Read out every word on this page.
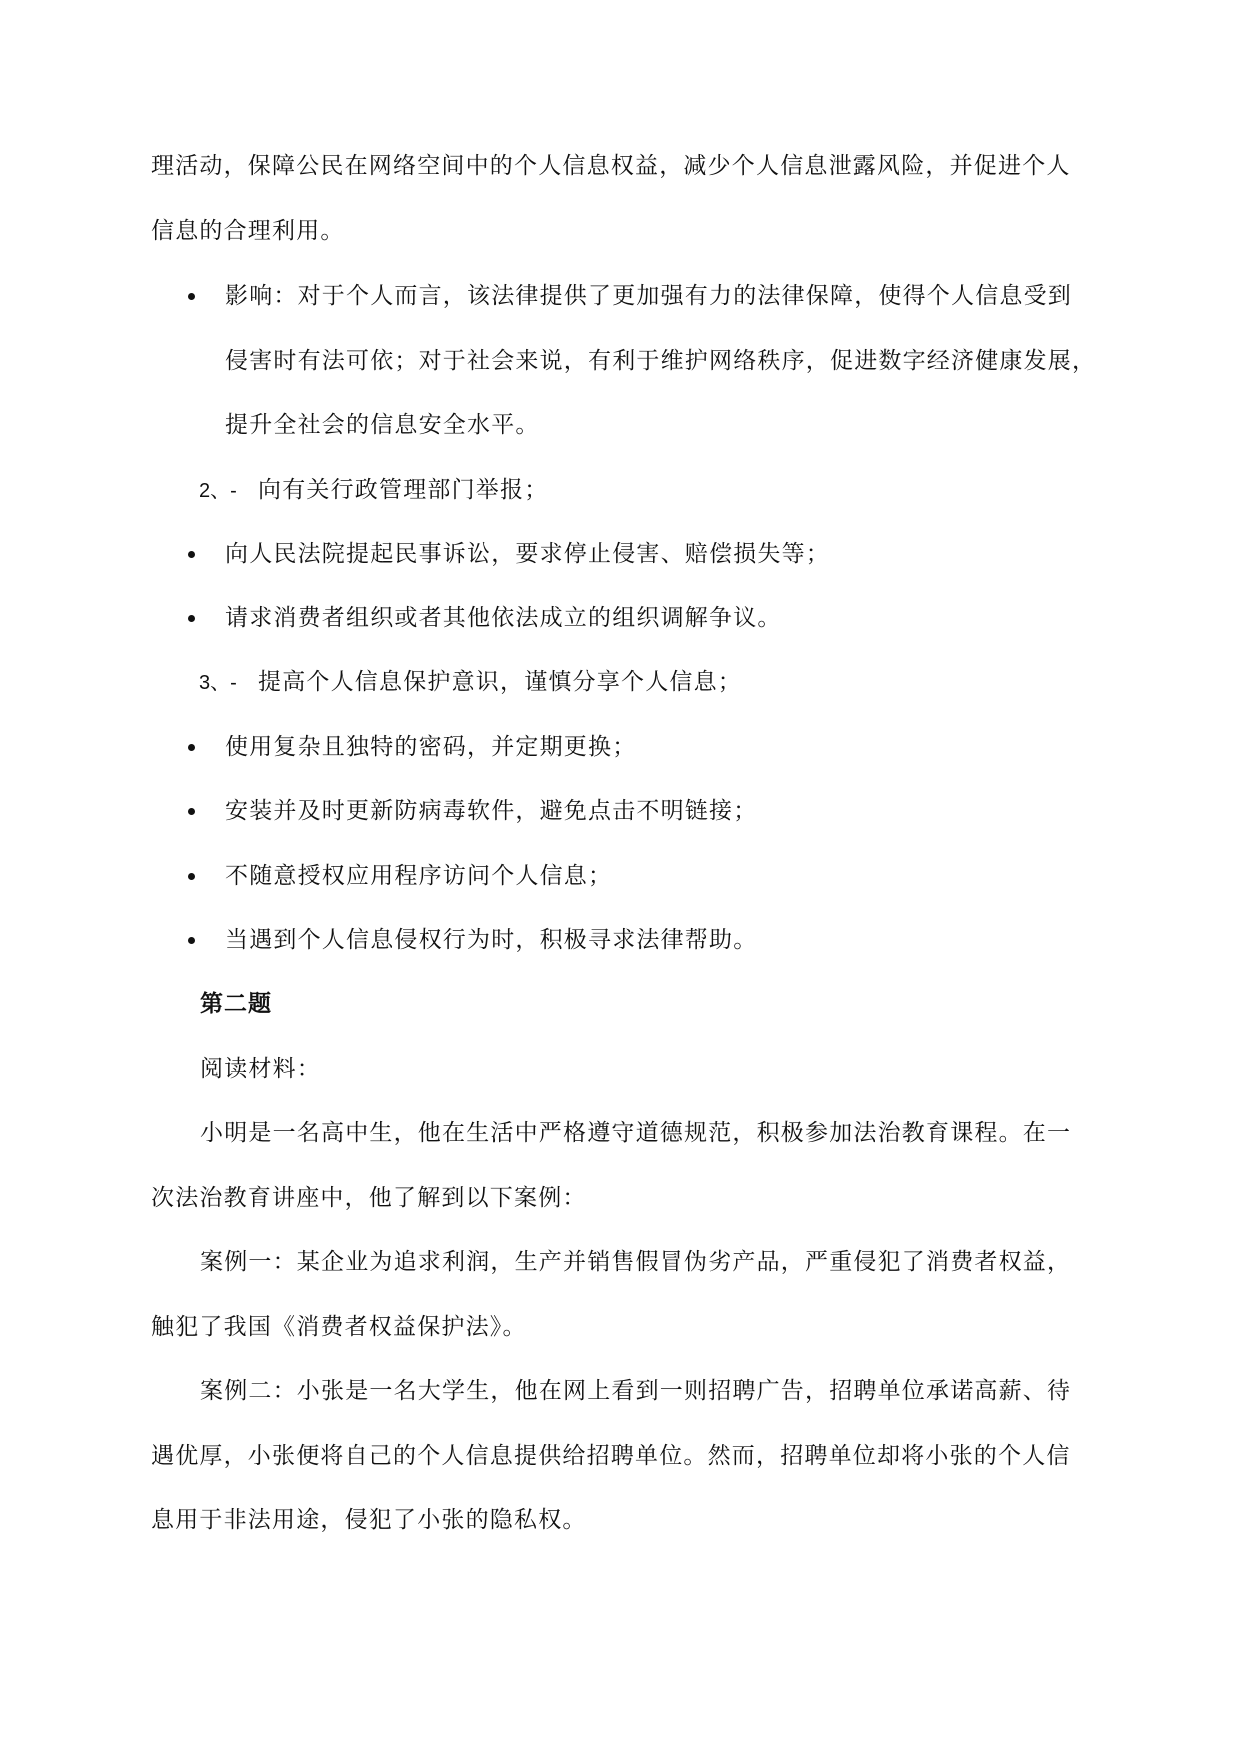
理活动，保障公民在网络空间中的个人信息权益，减少个人信息泄露风险，并促进个人
信息的合理利用。
影响：对于个人而言，该法律提供了更加强有力的法律保障，使得个人信息受到
侵害时有法可依；对于社会来说，有利于维护网络秩序，促进数字经济健康发展，
提升全社会的信息安全水平。
2、- 向有关行政管理部门举报；
向人民法院提起民事诉讼，要求停止侵害、赔偿损失等；
请求消费者组织或者其他依法成立的组织调解争议。
3、- 提高个人信息保护意识，谨慎分享个人信息；
使用复杂且独特的密码，并定期更换；
安装并及时更新防病毒软件，避免点击不明链接；
不随意授权应用程序访问个人信息；
当遇到个人信息侵权行为时，积极寻求法律帮助。
第二题
阅读材料：
小明是一名高中生，他在生活中严格遵守道德规范，积极参加法治教育课程。在一
次法治教育讲座中，他了解到以下案例：
案例一：某企业为追求利润，生产并销售假冒伪劣产品，严重侵犯了消费者权益，
触犯了我国《消费者权益保护法》。
案例二：小张是一名大学生，他在网上看到一则招聘广告，招聘单位承诺高薪、待
遇优厚，小张便将自己的个人信息提供给招聘单位。然而，招聘单位却将小张的个人信
息用于非法用途，侵犯了小张的隐私权。
